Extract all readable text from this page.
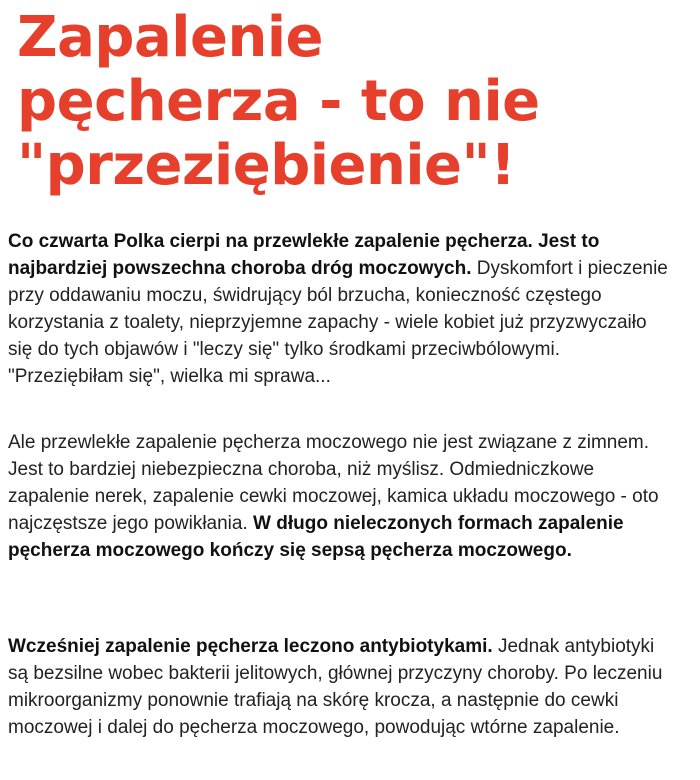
Zapalenie
pęcherza - to nie
"przeziębienie"!

Co czwarta Polka cierpi na przewlekłe zapalenie pęcherza. Jest to najbardziej powszechna choroba dróg moczowych. Dyskomfort i pieczenie przy oddawaniu moczu, świdrujący ból brzucha, konieczność częstego korzystania z toalety, nieprzyjemne zapachy - wiele kobiet już przyzwyczaiło się do tych objawów i "leczy się" tylko środkami przeciwbólowymi. "Przeziębiłam się", wielka mi sprawa...

Ale przewlekłe zapalenie pęcherza moczowego nie jest związane z zimnem. Jest to bardziej niebezpieczna choroba, niż myślisz. Odmiedniczkowe zapalenie nerek, zapalenie cewki moczowej, kamica układu moczowego - oto najczęstsze jego powikłania. W długo nieleczonych formach zapalenie pęcherza moczowego kończy się sepsą pęcherza moczowego.

Wcześniej zapalenie pęcherza leczono antybiotykami. Jednak antybiotyki są bezsilne wobec bakterii jelitowych, głównej przyczyny choroby. Po leczeniu mikroorganizmy ponownie trafiają na skórę krocza, a następnie do cewki moczowej i dalej do pęcherza moczowego, powodując wtórne zapalenie.
